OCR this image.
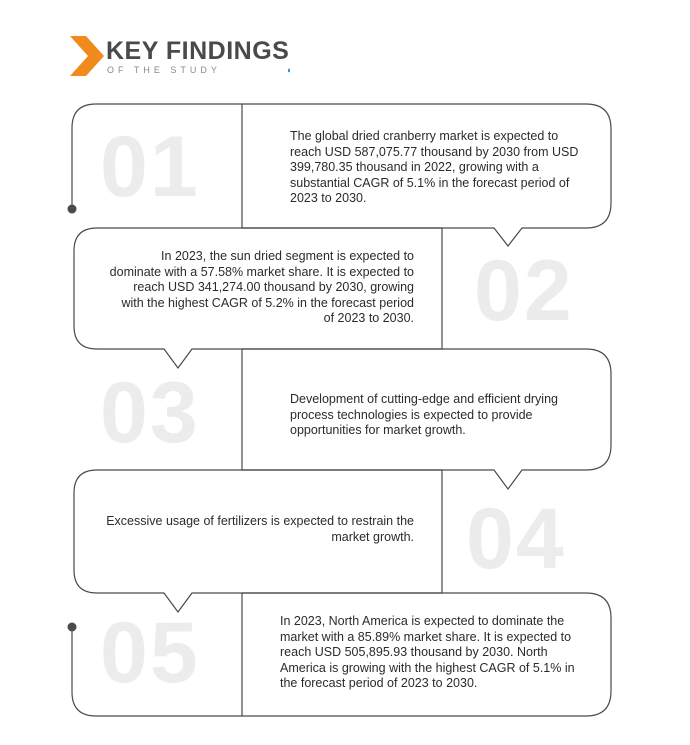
KEY FINDINGS
OF THE STUDY	◖
01
02
03
04
05
The global dried cranberry market is expected to reach USD 587,075.77 thousand by 2030 from USD 399,780.35 thousand in 2022, growing with a substantial CAGR of 5.1% in the forecast period of 2023 to 2030.
In 2023, the sun dried segment is expected to dominate with a 57.58% market share. It is expected to reach USD 341,274.00 thousand by 2030, growing with the highest CAGR of 5.2% in the forecast period of 2023 to 2030.
Development of cutting-edge and efficient drying process technologies is expected to provide opportunities for market growth.
Excessive usage of fertilizers is expected to restrain the market growth.
In 2023, North America is expected to dominate the market with a 85.89% market share. It is expected to reach USD 505,895.93 thousand by 2030. North America is growing with the highest CAGR of 5.1% in the forecast period of 2023 to 2030.
